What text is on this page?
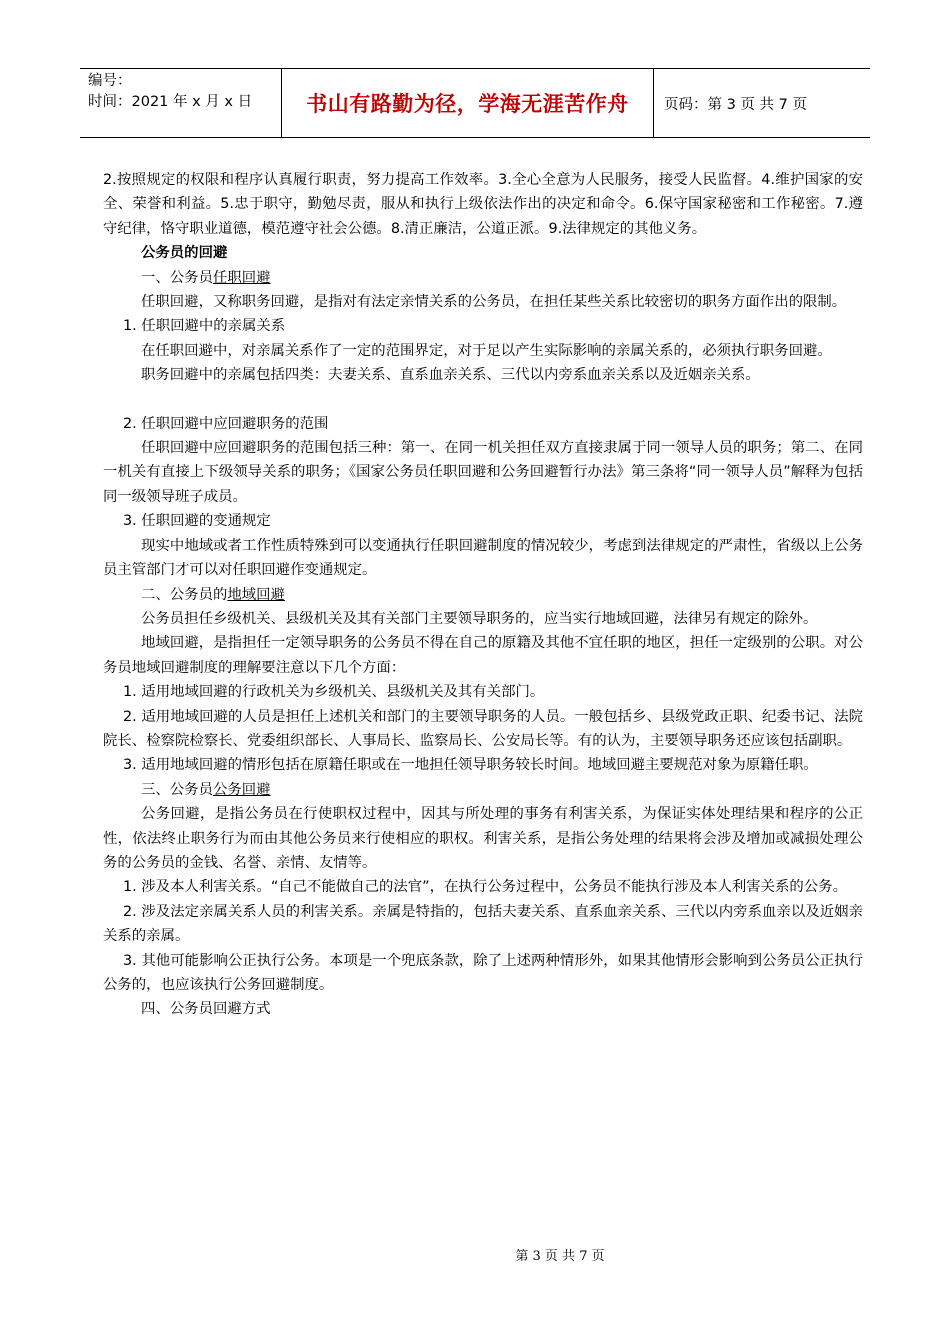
编号：
时间：2021 年 x 月 x 日	书山有路勤为径，学海无涯苦作舟	页码：第 3 页 共 7 页

2.按照规定的权限和程序认真履行职责，努力提高工作效率。3.全心全意为人民服务，接受人民监督。4.维护国家的安全、荣誉和利益。5.忠于职守，勤勉尽责，服从和执行上级依法作出的决定和命令。6.保守国家秘密和工作秘密。7.遵守纪律，恪守职业道德，模范遵守社会公德。8.清正廉洁，公道正派。9.法律规定的其他义务。

公务员的回避

一、公务员任职回避

任职回避，又称职务回避，是指对有法定亲情关系的公务员，在担任某些关系比较密切的职务方面作出的限制。

1. 任职回避中的亲属关系

在任职回避中，对亲属关系作了一定的范围界定，对于足以产生实际影响的亲属关系的，必须执行职务回避。

职务回避中的亲属包括四类：夫妻关系、直系血亲关系、三代以内旁系血亲关系以及近姻亲关系。

2. 任职回避中应回避职务的范围

任职回避中应回避职务的范围包括三种：第一、在同一机关担任双方直接隶属于同一领导人员的职务；第二、在同一机关有直接上下级领导关系的职务；《国家公务员任职回避和公务回避暂行办法》第三条将“同一领导人员”解释为包括同一级领导班子成员。

3. 任职回避的变通规定

现实中地域或者工作性质特殊到可以变通执行任职回避制度的情况较少，考虑到法律规定的严肃性，省级以上公务员主管部门才可以对任职回避作变通规定。

二、公务员的地域回避

公务员担任乡级机关、县级机关及其有关部门主要领导职务的，应当实行地域回避，法律另有规定的除外。

地域回避，是指担任一定领导职务的公务员不得在自己的原籍及其他不宜任职的地区，担任一定级别的公职。对公务员地域回避制度的理解要注意以下几个方面：

1. 适用地域回避的行政机关为乡级机关、县级机关及其有关部门。

2. 适用地域回避的人员是担任上述机关和部门的主要领导职务的人员。一般包括乡、县级党政正职、纪委书记、法院院长、检察院检察长、党委组织部长、人事局长、监察局长、公安局长等。有的认为，主要领导职务还应该包括副职。

3. 适用地域回避的情形包括在原籍任职或在一地担任领导职务较长时间。地域回避主要规范对象为原籍任职。

三、公务员公务回避

公务回避，是指公务员在行使职权过程中，因其与所处理的事务有利害关系，为保证实体处理结果和程序的公正性，依法终止职务行为而由其他公务员来行使相应的职权。利害关系，是指公务处理的结果将会涉及增加或减损处理公务的公务员的金钱、名誉、亲情、友情等。

1. 涉及本人利害关系。“自己不能做自己的法官”，在执行公务过程中，公务员不能执行涉及本人利害关系的公务。

2. 涉及法定亲属关系人员的利害关系。亲属是特指的，包括夫妻关系、直系血亲关系、三代以内旁系血亲以及近姻亲关系的亲属。

3. 其他可能影响公正执行公务。本项是一个兜底条款，除了上述两种情形外，如果其他情形会影响到公务员公正执行公务的，也应该执行公务回避制度。

四、公务员回避方式

第 3 页 共 7 页
